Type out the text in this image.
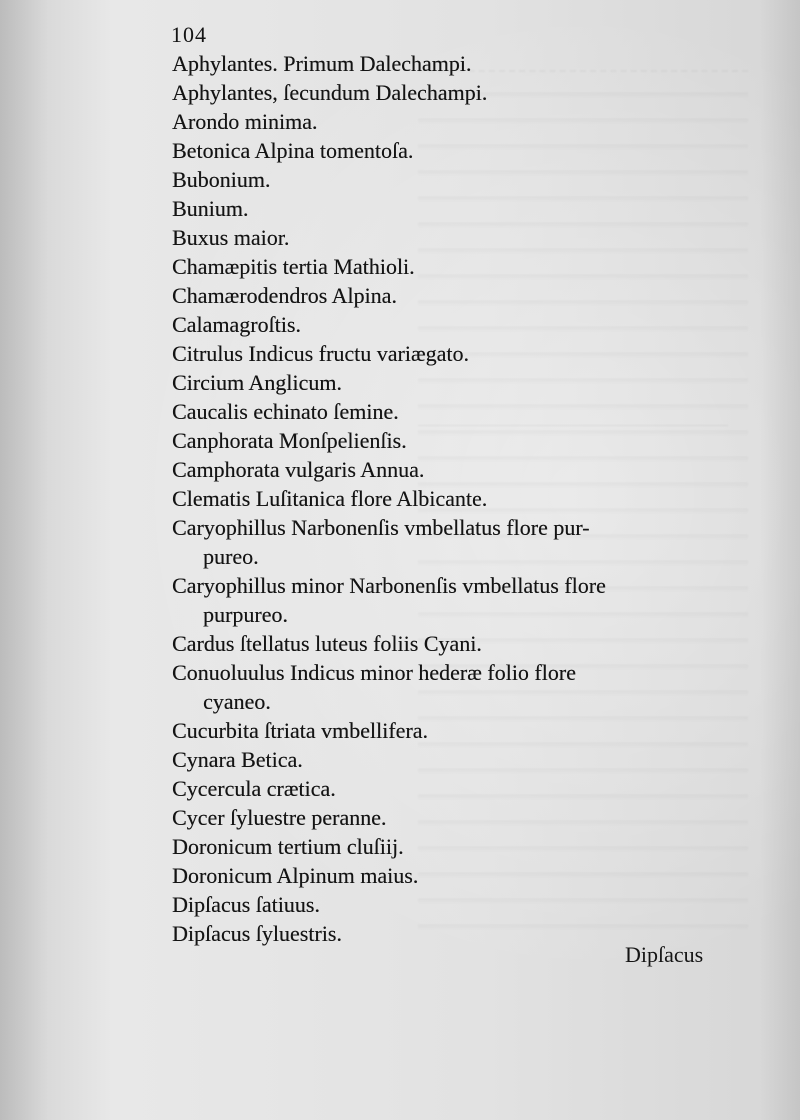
104
Aphylantes. Primum Dalechampi.
Aphylantes, ſecundum Dalechampi.
Arondo minima.
Betonica Alpina tomentoſa.
Bubonium.
Bunium.
Buxus maior.
Chamæpitis tertia Mathioli.
Chamærodendros Alpina.
Calamagroſtis.
Citrulus Indicus fructu variægato.
Circium Anglicum.
Caucalis echinato ſemine.
Canphorata Monſpelienſis.
Camphorata vulgaris Annua.
Clematis Luſitanica flore Albicante.
Caryophillus Narbonenſis vmbellatus flore pur-
pureo.
Caryophillus minor Narbonenſis vmbellatus flore
purpureo.
Cardus ſtellatus luteus foliis Cyani.
Conuoluulus Indicus minor hederæ folio flore
cyaneo.
Cucurbita ſtriata vmbellifera.
Cynara Betica.
Cycercula crætica.
Cycer ſyluestre peranne.
Doronicum tertium cluſiij.
Doronicum Alpinum maius.
Dipſacus ſatiuus.
Dipſacus ſyluestris.
Dipſacus
